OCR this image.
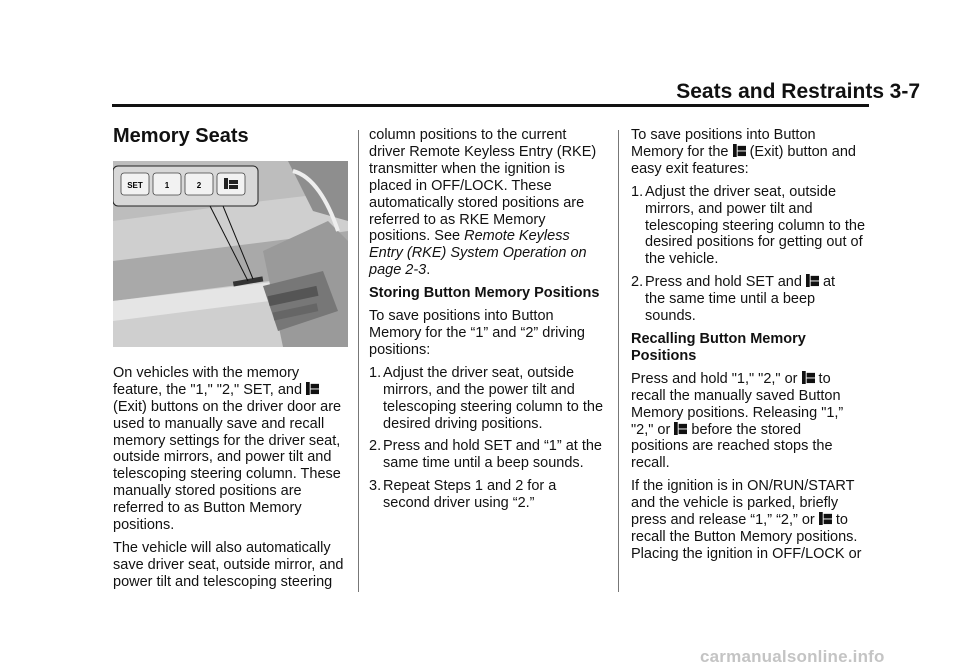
Seats and Restraints 3-7

Memory Seats

SET	1	2

On vehicles with the memory
feature, the "1," "2," SET, and
(Exit) buttons on the driver door are used to manually save and recall memory settings for the driver seat, outside mirrors, and power tilt and telescoping steering column. These manually stored positions are referred to as Button Memory positions.

The vehicle will also automatically save driver seat, outside mirror, and power tilt and telescoping steering

column positions to the current driver Remote Keyless Entry (RKE) transmitter when the ignition is placed in OFF/LOCK. These automatically stored positions are referred to as RKE Memory positions. See Remote Keyless Entry (RKE) System Operation on page 2-3.

Storing Button Memory Positions

To save positions into Button Memory for the “1” and “2” driving positions:

1. Adjust the driver seat, outside mirrors, and the power tilt and telescoping steering column to the desired driving positions.
2. Press and hold SET and “1” at the same time until a beep sounds.
3. Repeat Steps 1 and 2 for a second driver using “2.”

To save positions into Button
Memory for the (Exit) button and
easy exit features:

1. Adjust the driver seat, outside mirrors, and power tilt and telescoping steering column to the desired positions for getting out of the vehicle.
2. Press and hold SET and at
the same time until a beep sounds.

Recalling Button Memory Positions

Press and hold "1," "2," or to
recall the manually saved Button Memory positions. Releasing "1,”
"2," or before the stored
positions are reached stops the recall.

If the ignition is in ON/RUN/START and the vehicle is parked, briefly
press and release “1,” “2,” or to
recall the Button Memory positions. Placing the ignition in OFF/LOCK or

carmanualsonline.info
